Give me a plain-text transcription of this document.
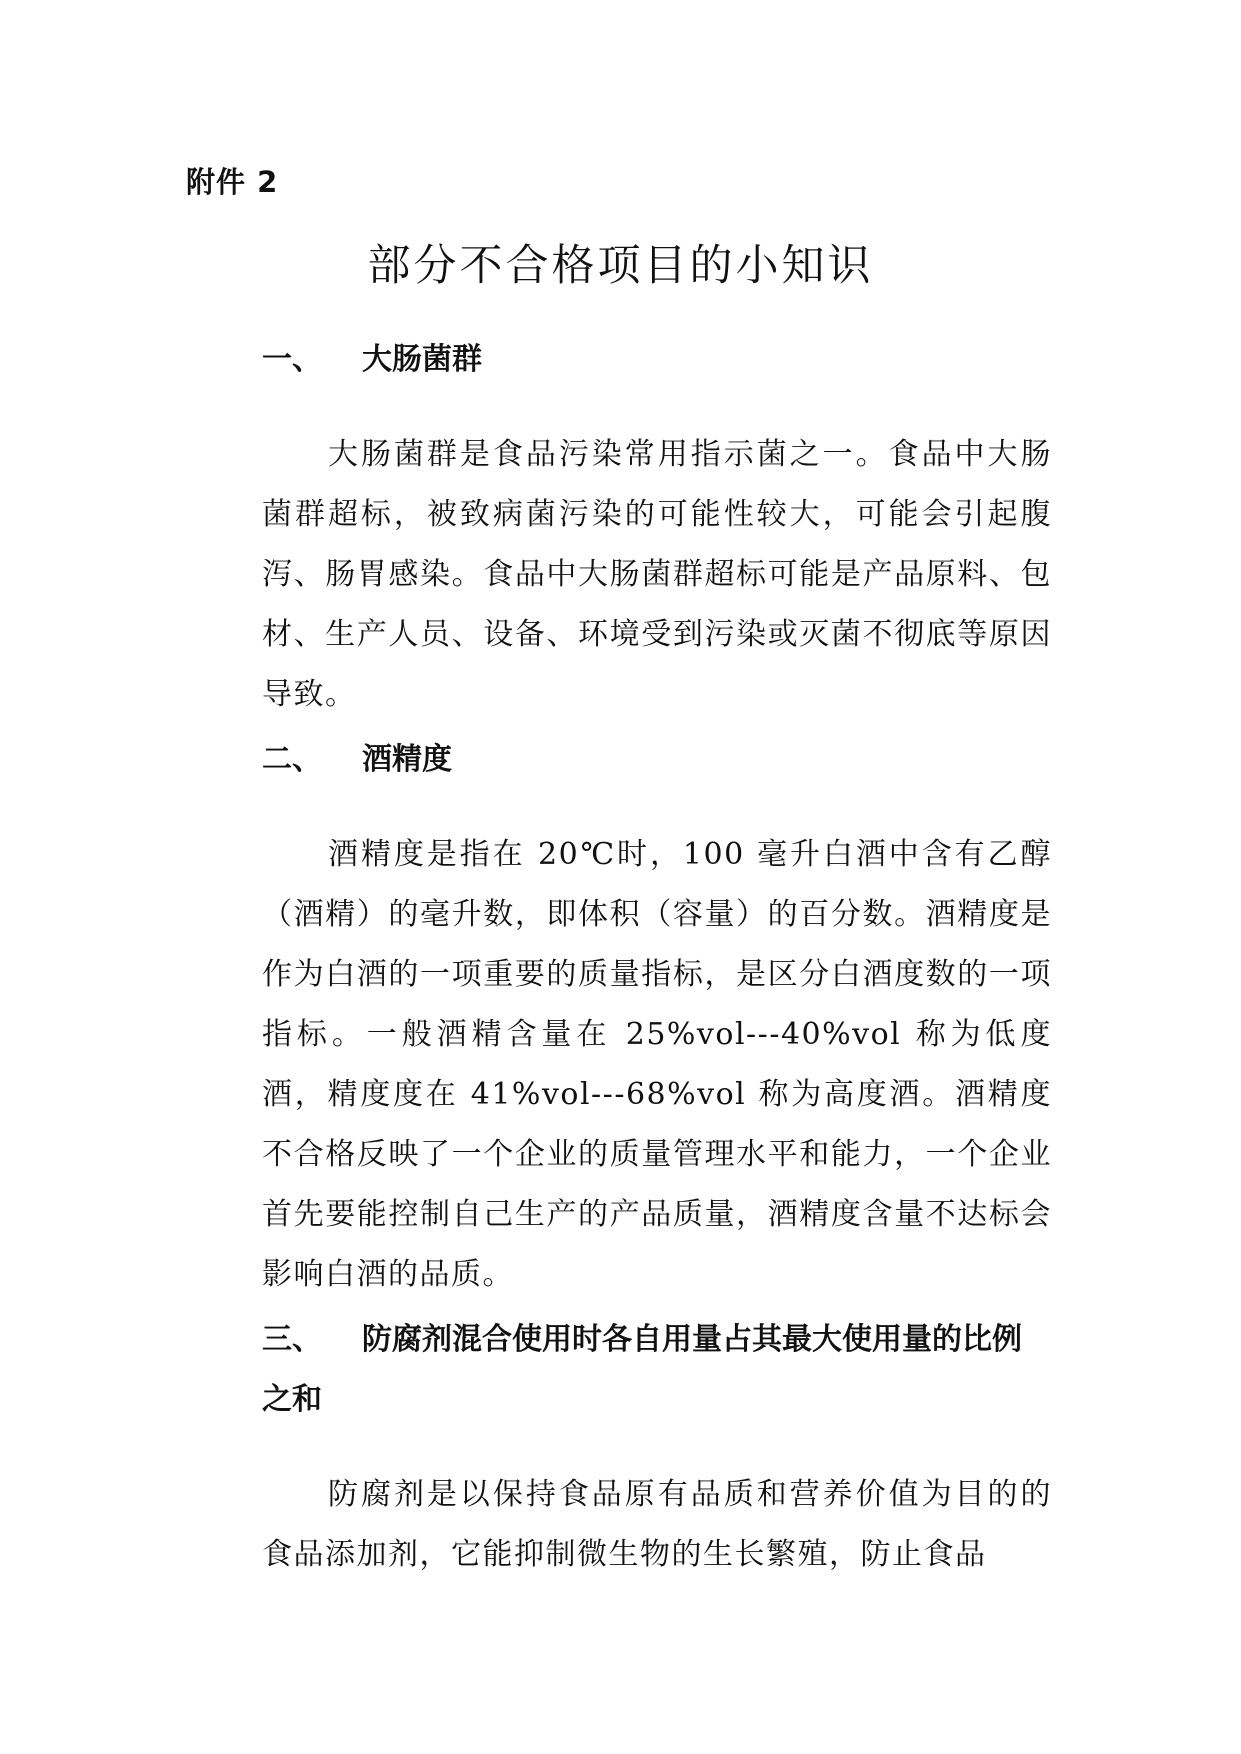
附件 2
部分不合格项目的小知识
一、 大肠菌群

大肠菌群是食品污染常用指示菌之一。食品中大肠菌群超标，被致病菌污染的可能性较大，可能会引起腹泻、肠胃感染。食品中大肠菌群超标可能是产品原料、包材、生产人员、设备、环境受到污染或灭菌不彻底等原因导致。

二、 酒精度

酒精度是指在 20℃时，100 毫升白酒中含有乙醇（酒精）的毫升数，即体积（容量）的百分数。酒精度是作为白酒的一项重要的质量指标，是区分白酒度数的一项指标。一般酒精含量在 25%vol---40%vol 称为低度酒，精度度在 41%vol---68%vol 称为高度酒。酒精度不合格反映了一个企业的质量管理水平和能力，一个企业首先要能控制自己生产的产品质量，酒精度含量不达标会影响白酒的品质。

三、 防腐剂混合使用时各自用量占其最大使用量的比例之和

防腐剂是以保持食品原有品质和营养价值为目的的食品添加剂，它能抑制微生物的生长繁殖，防止食品
